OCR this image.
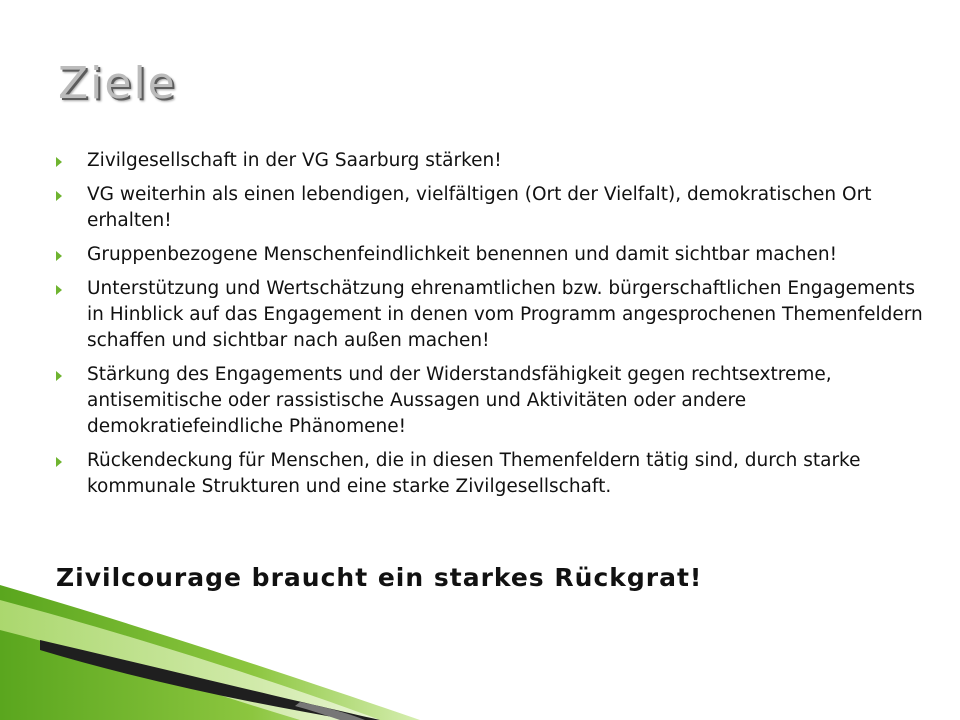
Ziele
Zivilgesellschaft in der VG Saarburg stärken!
VG weiterhin als einen lebendigen, vielfältigen (Ort der Vielfalt), demokratischen Ort erhalten!
Gruppenbezogene Menschenfeindlichkeit benennen und damit sichtbar machen!
Unterstützung und Wertschätzung ehrenamtlichen bzw. bürgerschaftlichen Engagements in Hinblick auf das Engagement in denen vom Programm angesprochenen Themenfeldern schaffen und sichtbar nach außen machen!
Stärkung des Engagements und der Widerstandsfähigkeit gegen rechtsextreme, antisemitische oder rassistische Aussagen und Aktivitäten oder andere demokratiefeindliche Phänomene!
Rückendeckung für Menschen, die in diesen Themenfeldern tätig sind, durch starke kommunale Strukturen und eine starke Zivilgesellschaft.

Zivilcourage braucht ein starkes Rückgrat!
